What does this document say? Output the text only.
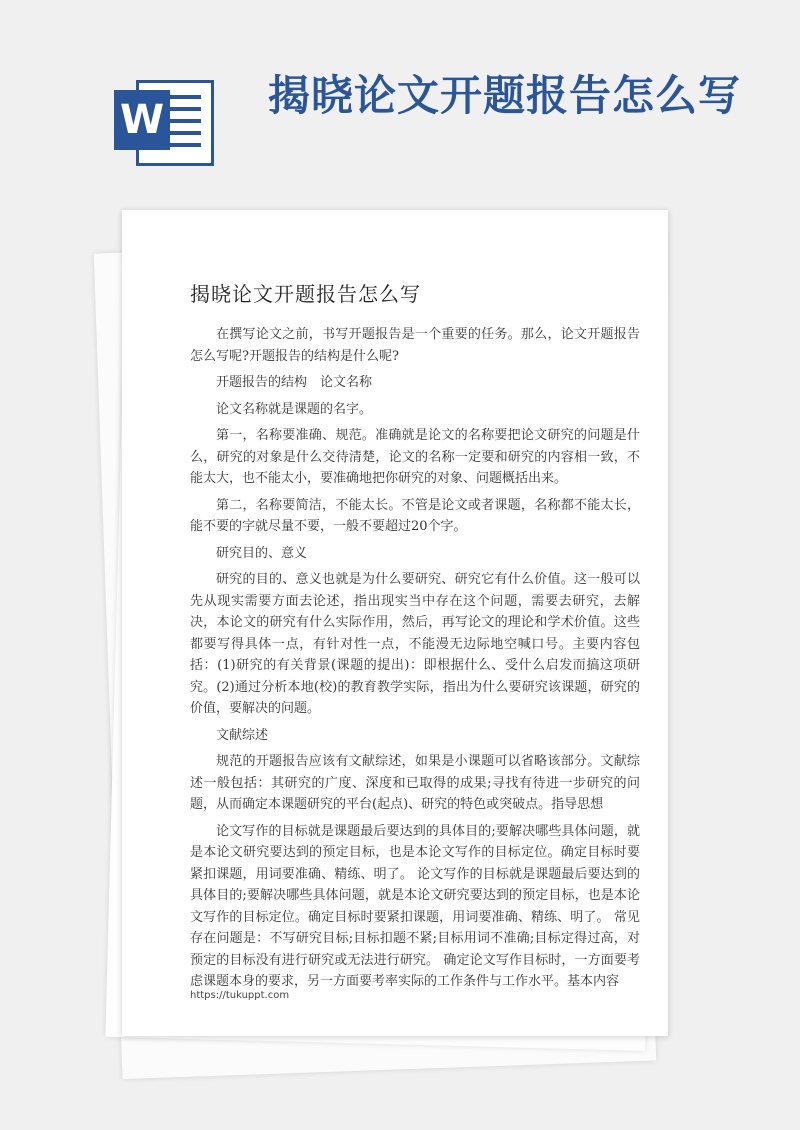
W 揭晓论文开题报告怎么写
揭晓论文开题报告怎么写

在撰写论文之前，书写开题报告是一个重要的任务。那么，论文开题报告怎么写呢?开题报告的结构是什么呢?

开题报告的结构　论文名称

论文名称就是课题的名字。

第一，名称要准确、规范。准确就是论文的名称要把论文研究的问题是什么，研究的对象是什么交待清楚，论文的名称一定要和研究的内容相一致，不能太大，也不能太小，要准确地把你研究的对象、问题概括出来。

第二，名称要简洁，不能太长。不管是论文或者课题，名称都不能太长，能不要的字就尽量不要，一般不要超过20个字。

研究目的、意义

研究的目的、意义也就是为什么要研究、研究它有什么价值。这一般可以先从现实需要方面去论述，指出现实当中存在这个问题，需要去研究，去解决，本论文的研究有什么实际作用，然后，再写论文的理论和学术价值。这些都要写得具体一点，有针对性一点，不能漫无边际地空喊口号。主要内容包括：(1)研究的有关背景(课题的提出)：即根据什么、受什么启发而搞这项研究。(2)通过分析本地(校)的教育教学实际，指出为什么要研究该课题，研究的价值，要解决的问题。

文献综述

规范的开题报告应该有文献综述，如果是小课题可以省略该部分。文献综述一般包括：其研究的广度、深度和已取得的成果;寻找有待进一步研究的问题，从而确定本课题研究的平台(起点)、研究的特色或突破点。指导思想

论文写作的目标就是课题最后要达到的具体目的;要解决哪些具体问题，就是本论文研究要达到的预定目标，也是本论文写作的目标定位。确定目标时要紧扣课题，用词要准确、精练、明了。 论文写作的目标就是课题最后要达到的具体目的;要解决哪些具体问题，就是本论文研究要达到的预定目标，也是本论文写作的目标定位。确定目标时要紧扣课题，用词要准确、精练、明了。 常见存在问题是：不写研究目标;目标扣题不紧;目标用词不准确;目标定得过高，对预定的目标没有进行研究或无法进行研究。 确定论文写作目标时，一方面要考虑课题本身的要求，另一方面要考率实际的工作条件与工作水平。基本内容

https://tukuppt.com
